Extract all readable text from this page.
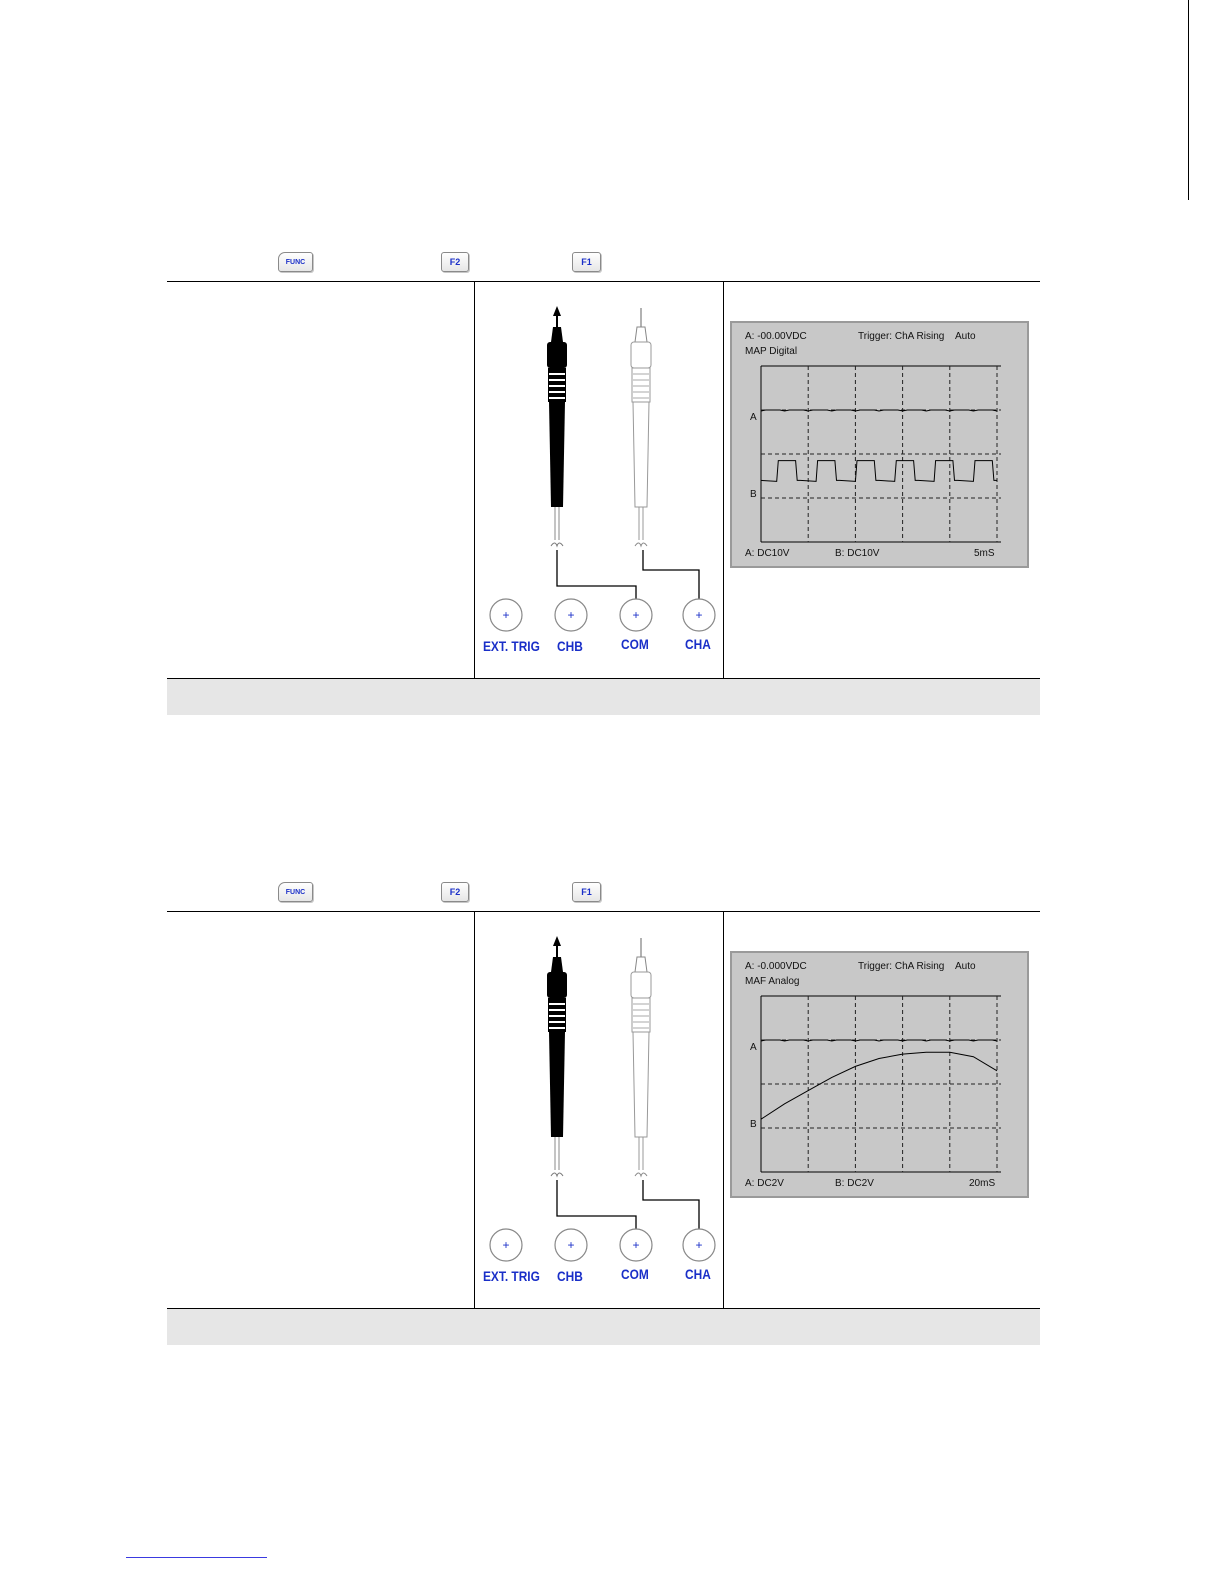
FUNC	F2	F1
+	+	+	+
EXT. TRIG CHB	COM	CHA
A: -00.00VDC	Trigger: ChA Rising Auto
MAP Digital
A
B
A: DC10V	B: DC10V	5mS
FUNC	F2	F1
+	+	+	+
EXT. TRIG CHB	COM	CHA
A: -0.000VDC	Trigger: ChA Rising Auto
MAF Analog
A
B
A: DC2V	B: DC2V	20mS
